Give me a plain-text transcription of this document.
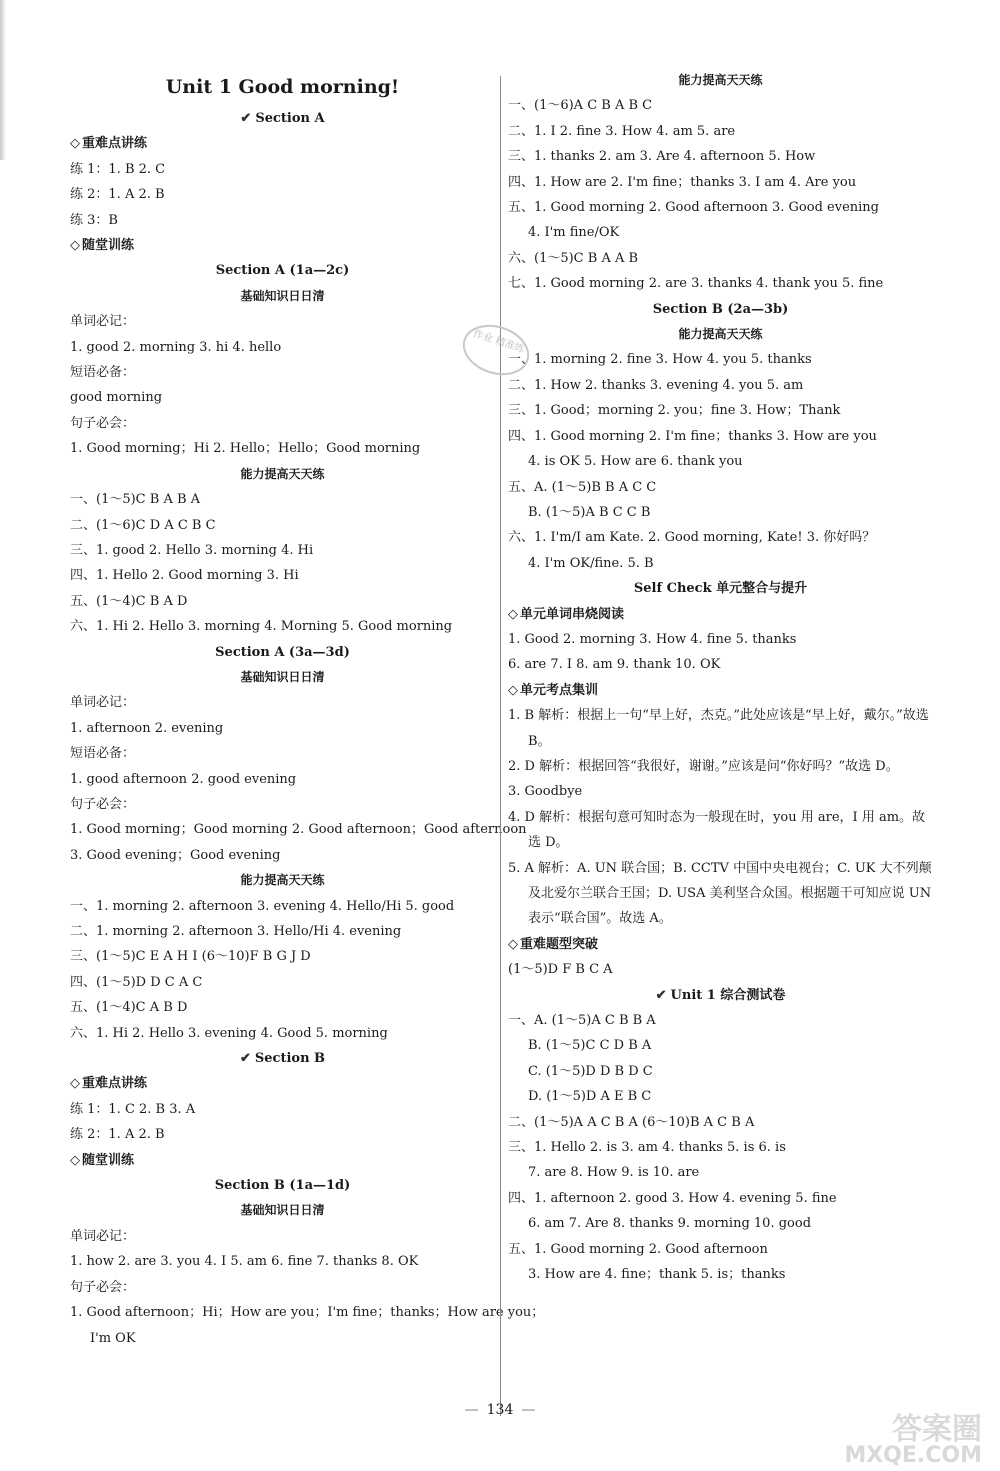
Unit 1 Good morning!
✔ Section A
◇ 重难点讲练
练 1：1. B 2. C
练 2：1. A 2. B
练 3：B
◇ 随堂训练
Section A (1a—2c)
基础知识日日清
单词必记：
1. good 2. morning 3. hi 4. hello
短语必备：
good morning
句子必会：
1. Good morning；Hi 2. Hello；Hello；Good morning
能力提高天天练
一、(1～5)C B A B A
二、(1～6)C D A C B C
三、1. good 2. Hello 3. morning 4. Hi
四、1. Hello 2. Good morning 3. Hi
五、(1～4)C B A D
六、1. Hi 2. Hello 3. morning 4. Morning 5. Good morning
Section A (3a—3d)
基础知识日日清
单词必记：
1. afternoon 2. evening
短语必备：
1. good afternoon 2. good evening
句子必会：
1. Good morning；Good morning 2. Good afternoon；Good afternoon
3. Good evening；Good evening
能力提高天天练
一、1. morning 2. afternoon 3. evening 4. Hello/Hi 5. good
二、1. morning 2. afternoon 3. Hello/Hi 4. evening
三、(1～5)C E A H I (6～10)F B G J D
四、(1～5)D D C A C
五、(1～4)C A B D
六、1. Hi 2. Hello 3. evening 4. Good 5. morning
✔ Section B
◇ 重难点讲练
练 1：1. C 2. B 3. A
练 2：1. A 2. B
◇ 随堂训练
Section B (1a—1d)
基础知识日日清
单词必记：
1. how 2. are 3. you 4. I 5. am 6. fine 7. thanks 8. OK
句子必会：
1. Good afternoon；Hi；How are you；I'm fine；thanks；How are you；
I'm OK
能力提高天天练
一、(1～6)A C B A B C
二、1. I 2. fine 3. How 4. am 5. are
三、1. thanks 2. am 3. Are 4. afternoon 5. How
四、1. How are 2. I'm fine；thanks 3. I am 4. Are you
五、1. Good morning 2. Good afternoon 3. Good evening
4. I'm fine/OK
六、(1～5)C B A A B
七、1. Good morning 2. are 3. thanks 4. thank you 5. fine
Section B (2a—3b)
能力提高天天练
一、1. morning 2. fine 3. How 4. you 5. thanks
二、1. How 2. thanks 3. evening 4. you 5. am
三、1. Good；morning 2. you；fine 3. How；Thank
四、1. Good morning 2. I'm fine；thanks 3. How are you
4. is OK 5. How are 6. thank you
五、A. (1～5)B B A C C
B. (1～5)A B C C B
六、1. I'm/I am Kate. 2. Good morning, Kate! 3. 你好吗？
4. I'm OK/fine. 5. B
Self Check 单元整合与提升
◇ 单元单词串烧阅读
1. Good 2. morning 3. How 4. fine 5. thanks
6. are 7. I 8. am 9. thank 10. OK
◇ 单元考点集训
1. B 解析：根据上一句“早上好，杰克。”此处应该是“早上好，戴尔。”故选 B。
2. D 解析：根据回答“我很好，谢谢。”应该是问“你好吗？”故选 D。
3. Goodbye
4. D 解析：根据句意可知时态为一般现在时，you 用 are，I 用 am。故选 D。
5. A 解析：A. UN 联合国；B. CCTV 中国中央电视台；C. UK 大不列颠及北爱尔兰联合王国；D. USA 美利坚合众国。根据题干可知应说 UN 表示“联合国”。故选 A。
◇ 重难题型突破
(1～5)D F B C A
✔ Unit 1 综合测试卷
一、A. (1～5)A C B B A
B. (1～5)C C D B A
C. (1～5)D D B D C
D. (1～5)D A E B C
二、(1～5)A A C B A (6～10)B A C B A
三、1. Hello 2. is 3. am 4. thanks 5. is 6. is
7. are 8. How 9. is 10. are
四、1. afternoon 2. good 3. How 4. evening 5. fine
6. am 7. Are 8. thanks 9. morning 10. good
五、1. Good morning 2. Good afternoon
3. How are 4. fine；thank 5. is；thanks
作业 精准练
— 134 —
答案圈
MXQE.COM
